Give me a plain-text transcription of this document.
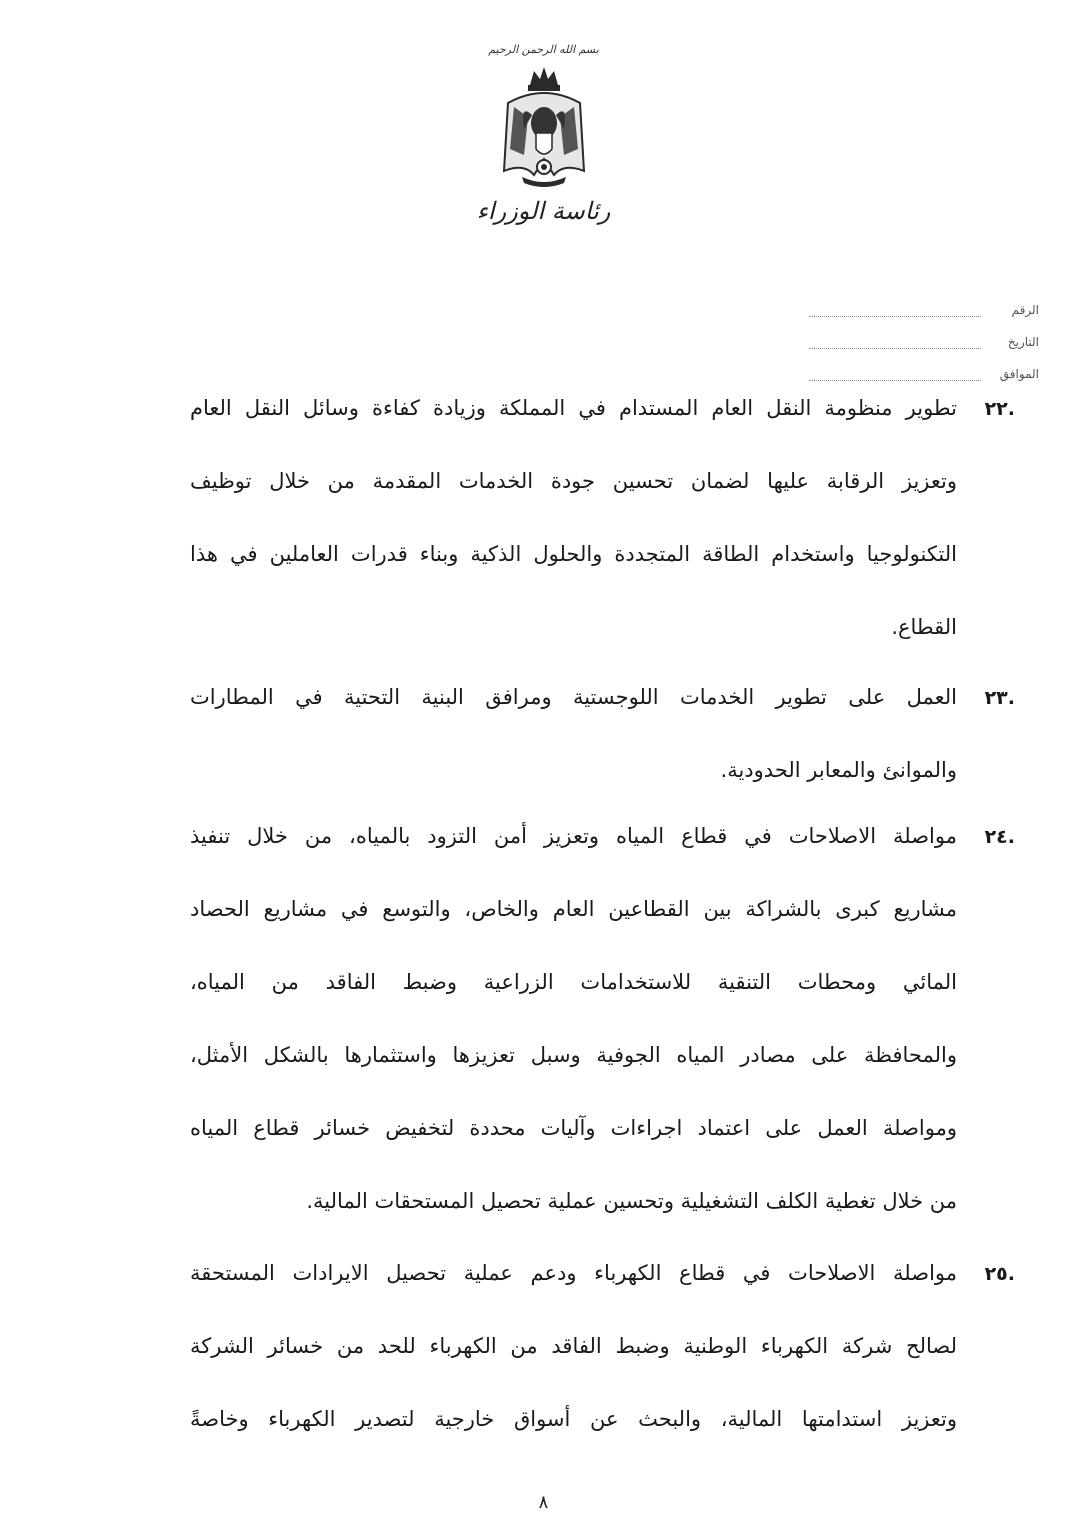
بسم الله الرحمن الرحيم
رئاسة الوزراء
الرقم
التاريخ
الموافق
.٢٢
تطوير منظومة النقل العام المستدام في المملكة وزيادة كفاءة وسائل النقل العام
وتعزيز الرقابة عليها لضمان تحسين جودة الخدمات المقدمة من خلال توظيف
التكنولوجيا واستخدام الطاقة المتجددة والحلول الذكية وبناء قدرات العاملين في هذا
القطاع.
.٢٣
العمل على تطوير الخدمات اللوجستية ومرافق البنية التحتية في المطارات
والموانئ والمعابر الحدودية.
.٢٤
مواصلة الاصلاحات في قطاع المياه وتعزيز أمن التزود بالمياه، من خلال تنفيذ
مشاريع كبرى بالشراكة بين القطاعين العام والخاص، والتوسع في مشاريع الحصاد
المائي ومحطات التنقية للاستخدامات الزراعية وضبط الفاقد من المياه،
والمحافظة على مصادر المياه الجوفية وسبل تعزيزها واستثمارها بالشكل الأمثل،
ومواصلة العمل على اعتماد اجراءات وآليات محددة لتخفيض خسائر قطاع المياه
من خلال تغطية الكلف التشغيلية وتحسين عملية تحصيل المستحقات المالية.
.٢٥
مواصلة الاصلاحات في قطاع الكهرباء ودعم عملية تحصيل الايرادات المستحقة
لصالح شركة الكهرباء الوطنية وضبط الفاقد من الكهرباء للحد من خسائر الشركة
وتعزيز استدامتها المالية، والبحث عن أسواق خارجية لتصدير الكهرباء وخاصةً
٨
